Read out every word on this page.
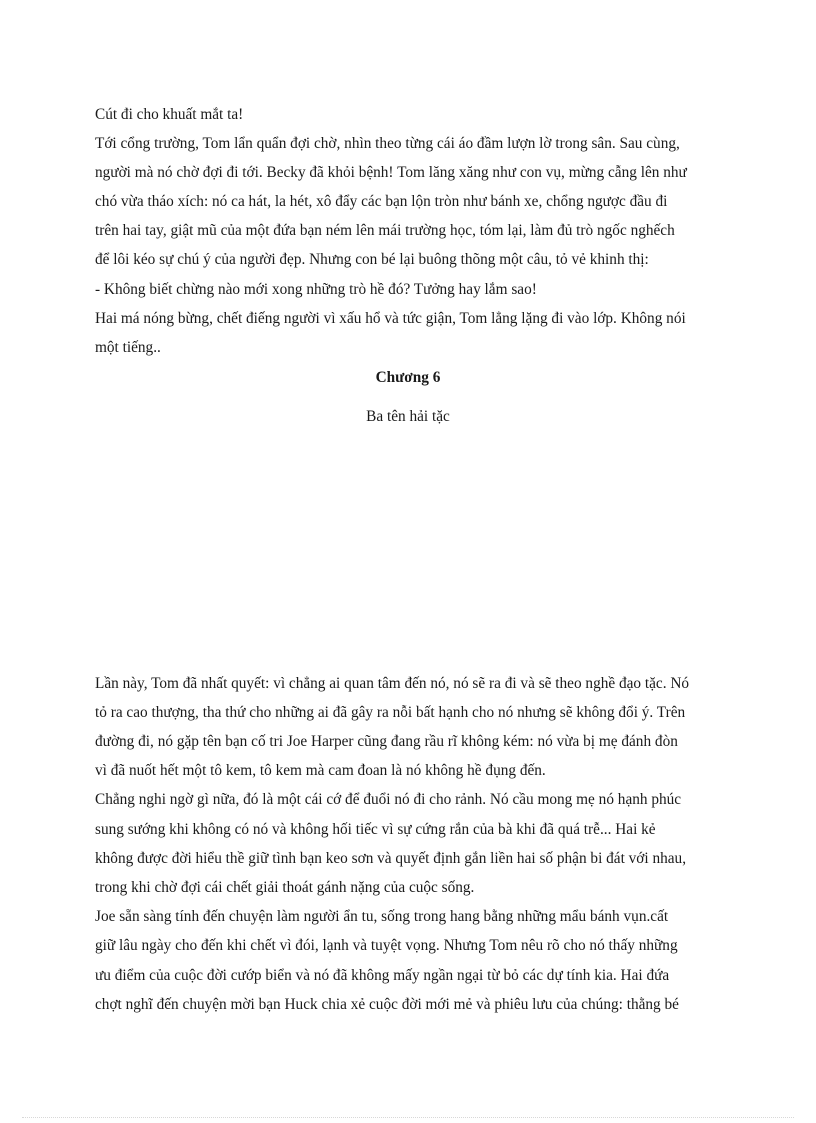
Cút đi cho khuất mắt ta!
Tới cổng trường, Tom lẩn quẩn đợi chờ, nhìn theo từng cái áo đầm lượn lờ trong sân. Sau cùng,
người mà nó chờ đợi đi tới. Becky đã khỏi bệnh! Tom lăng xăng như con vụ, mừng cẫng lên như
chó vừa tháo xích: nó ca hát, la hét, xô đẩy các bạn lộn tròn như bánh xe, chổng ngược đầu đi
trên hai tay, giật mũ của một đứa bạn ném lên mái trường học, tóm lại, làm đủ trò ngốc nghếch
để lôi kéo sự chú ý của người đẹp. Nhưng con bé lại buông thõng một câu, tỏ vẻ khinh thị:
- Không biết chừng nào mới xong những trò hề đó? Tưởng hay lắm sao!
Hai má nóng bừng, chết điếng người vì xấu hổ và tức giận, Tom lẳng lặng đi vào lớp. Không nói
một tiếng..
Chương 6
Ba tên hải tặc
Lần này, Tom đã nhất quyết: vì chẳng ai quan tâm đến nó, nó sẽ ra đi và sẽ theo nghề đạo tặc. Nó
tỏ ra cao thượng, tha thứ cho những ai đã gây ra nỗi bất hạnh cho nó nhưng sẽ không đổi ý. Trên
đường đi, nó gặp tên bạn cố tri Joe Harper cũng đang rầu rĩ không kém: nó vừa bị mẹ đánh đòn
vì đã nuốt hết một tô kem, tô kem mà cam đoan là nó không hề đụng đến.
Chẳng nghi ngờ gì nữa, đó là một cái cớ để đuổi nó đi cho rảnh. Nó cầu mong mẹ nó hạnh phúc
sung sướng khi không có nó và không hối tiếc vì sự cứng rắn của bà khi đã quá trễ... Hai kẻ
không được đời hiểu thề giữ tình bạn keo sơn và quyết định gắn liền hai số phận bi đát với nhau,
trong khi chờ đợi cái chết giải thoát gánh nặng của cuộc sống.
Joe sẵn sàng tính đến chuyện làm người ẩn tu, sống trong hang bằng những mẩu bánh vụn.cất
giữ lâu ngày cho đến khi chết vì đói, lạnh và tuyệt vọng. Nhưng Tom nêu rõ cho nó thấy những
ưu điểm của cuộc đời cướp biển và nó đã không mấy ngần ngại từ bỏ các dự tính kia. Hai đứa
chợt nghĩ đến chuyện mời bạn Huck chia xẻ cuộc đời mới mẻ và phiêu lưu của chúng: thằng bé
